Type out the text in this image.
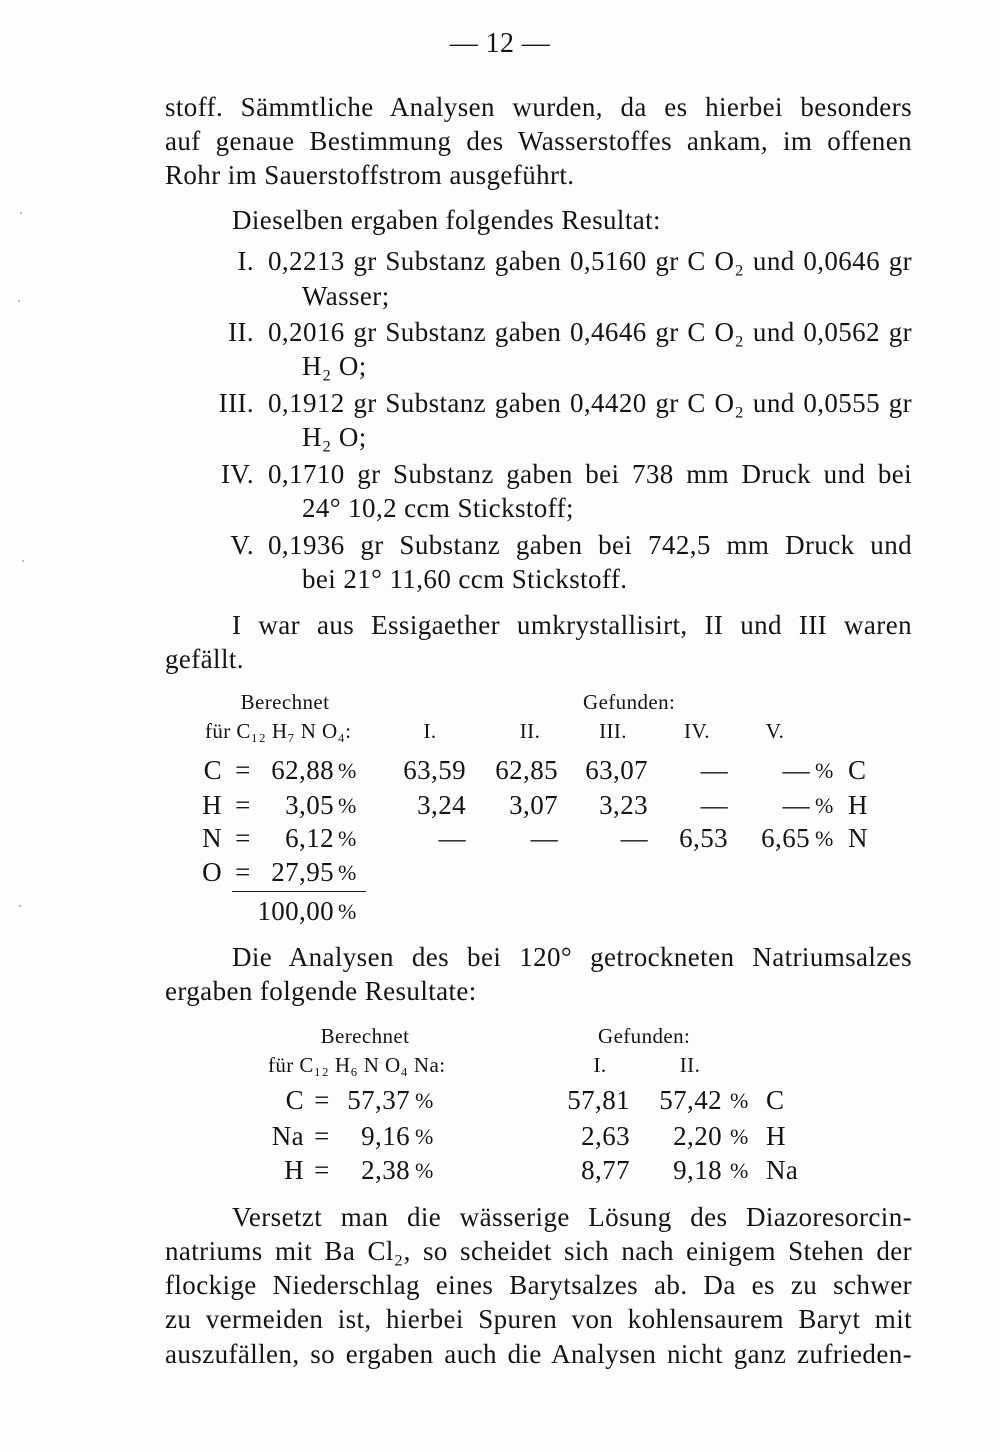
— 12 —
stoff. Sämmtliche Analysen wurden, da es hierbei besonders
auf genaue Bestimmung des Wasserstoffes ankam, im offenen
Rohr im Sauerstoffstrom ausgeführt.
Dieselben ergaben folgendes Resultat:
I. 0,2213 gr Substanz gaben 0,5160 gr C O₂ und 0,0646 gr
Wasser;
II. 0,2016 gr Substanz gaben 0,4646 gr C O₂ und 0,0562 gr
H₂ O;
III. 0,1912 gr Substanz gaben 0,4420 gr C O₂ und 0,0555 gr
H₂ O;
IV. 0,1710 gr Substanz gaben bei 738 mm Druck und bei
24° 10,2 ccm Stickstoff;
V. 0,1936 gr Substanz gaben bei 742,5 mm Druck und
bei 21° 11,60 ccm Stickstoff.
I war aus Essigaether umkrystallisirt, II und III waren
gefällt.
Berechnet	Gefunden:
für C₁₂ H₇ N O₄:	I.	II.	III.	IV.	V.
C = 62,88 %	63,59	62,85	63,07	—	— % C
H =	3,05 %	3,24	3,07	3,23	—	— % H
N =	6,12 %	—	—	—	6,53	6,65 % N
O = 27,95 %
100,00 %
Die Analysen des bei 120° getrockneten Natriumsalzes
ergaben folgende Resultate:
Berechnet	Gefunden:
für C₁₂ H₆ N O₄ Na:	I.	II.
C = 57,37 %	57,81	57,42 % C
Na =	9,16 %	2,63	2,20 % H
H =	2,38 %	8,77	9,18 % Na
Versetzt man die wässerige Lösung des Diazoresorcin-
natriums mit Ba Cl₂, so scheidet sich nach einigem Stehen der
flockige Niederschlag eines Barytsalzes ab. Da es zu schwer
zu vermeiden ist, hierbei Spuren von kohlensaurem Baryt mit
auszufällen, so ergaben auch die Analysen nicht ganz zufrieden-
